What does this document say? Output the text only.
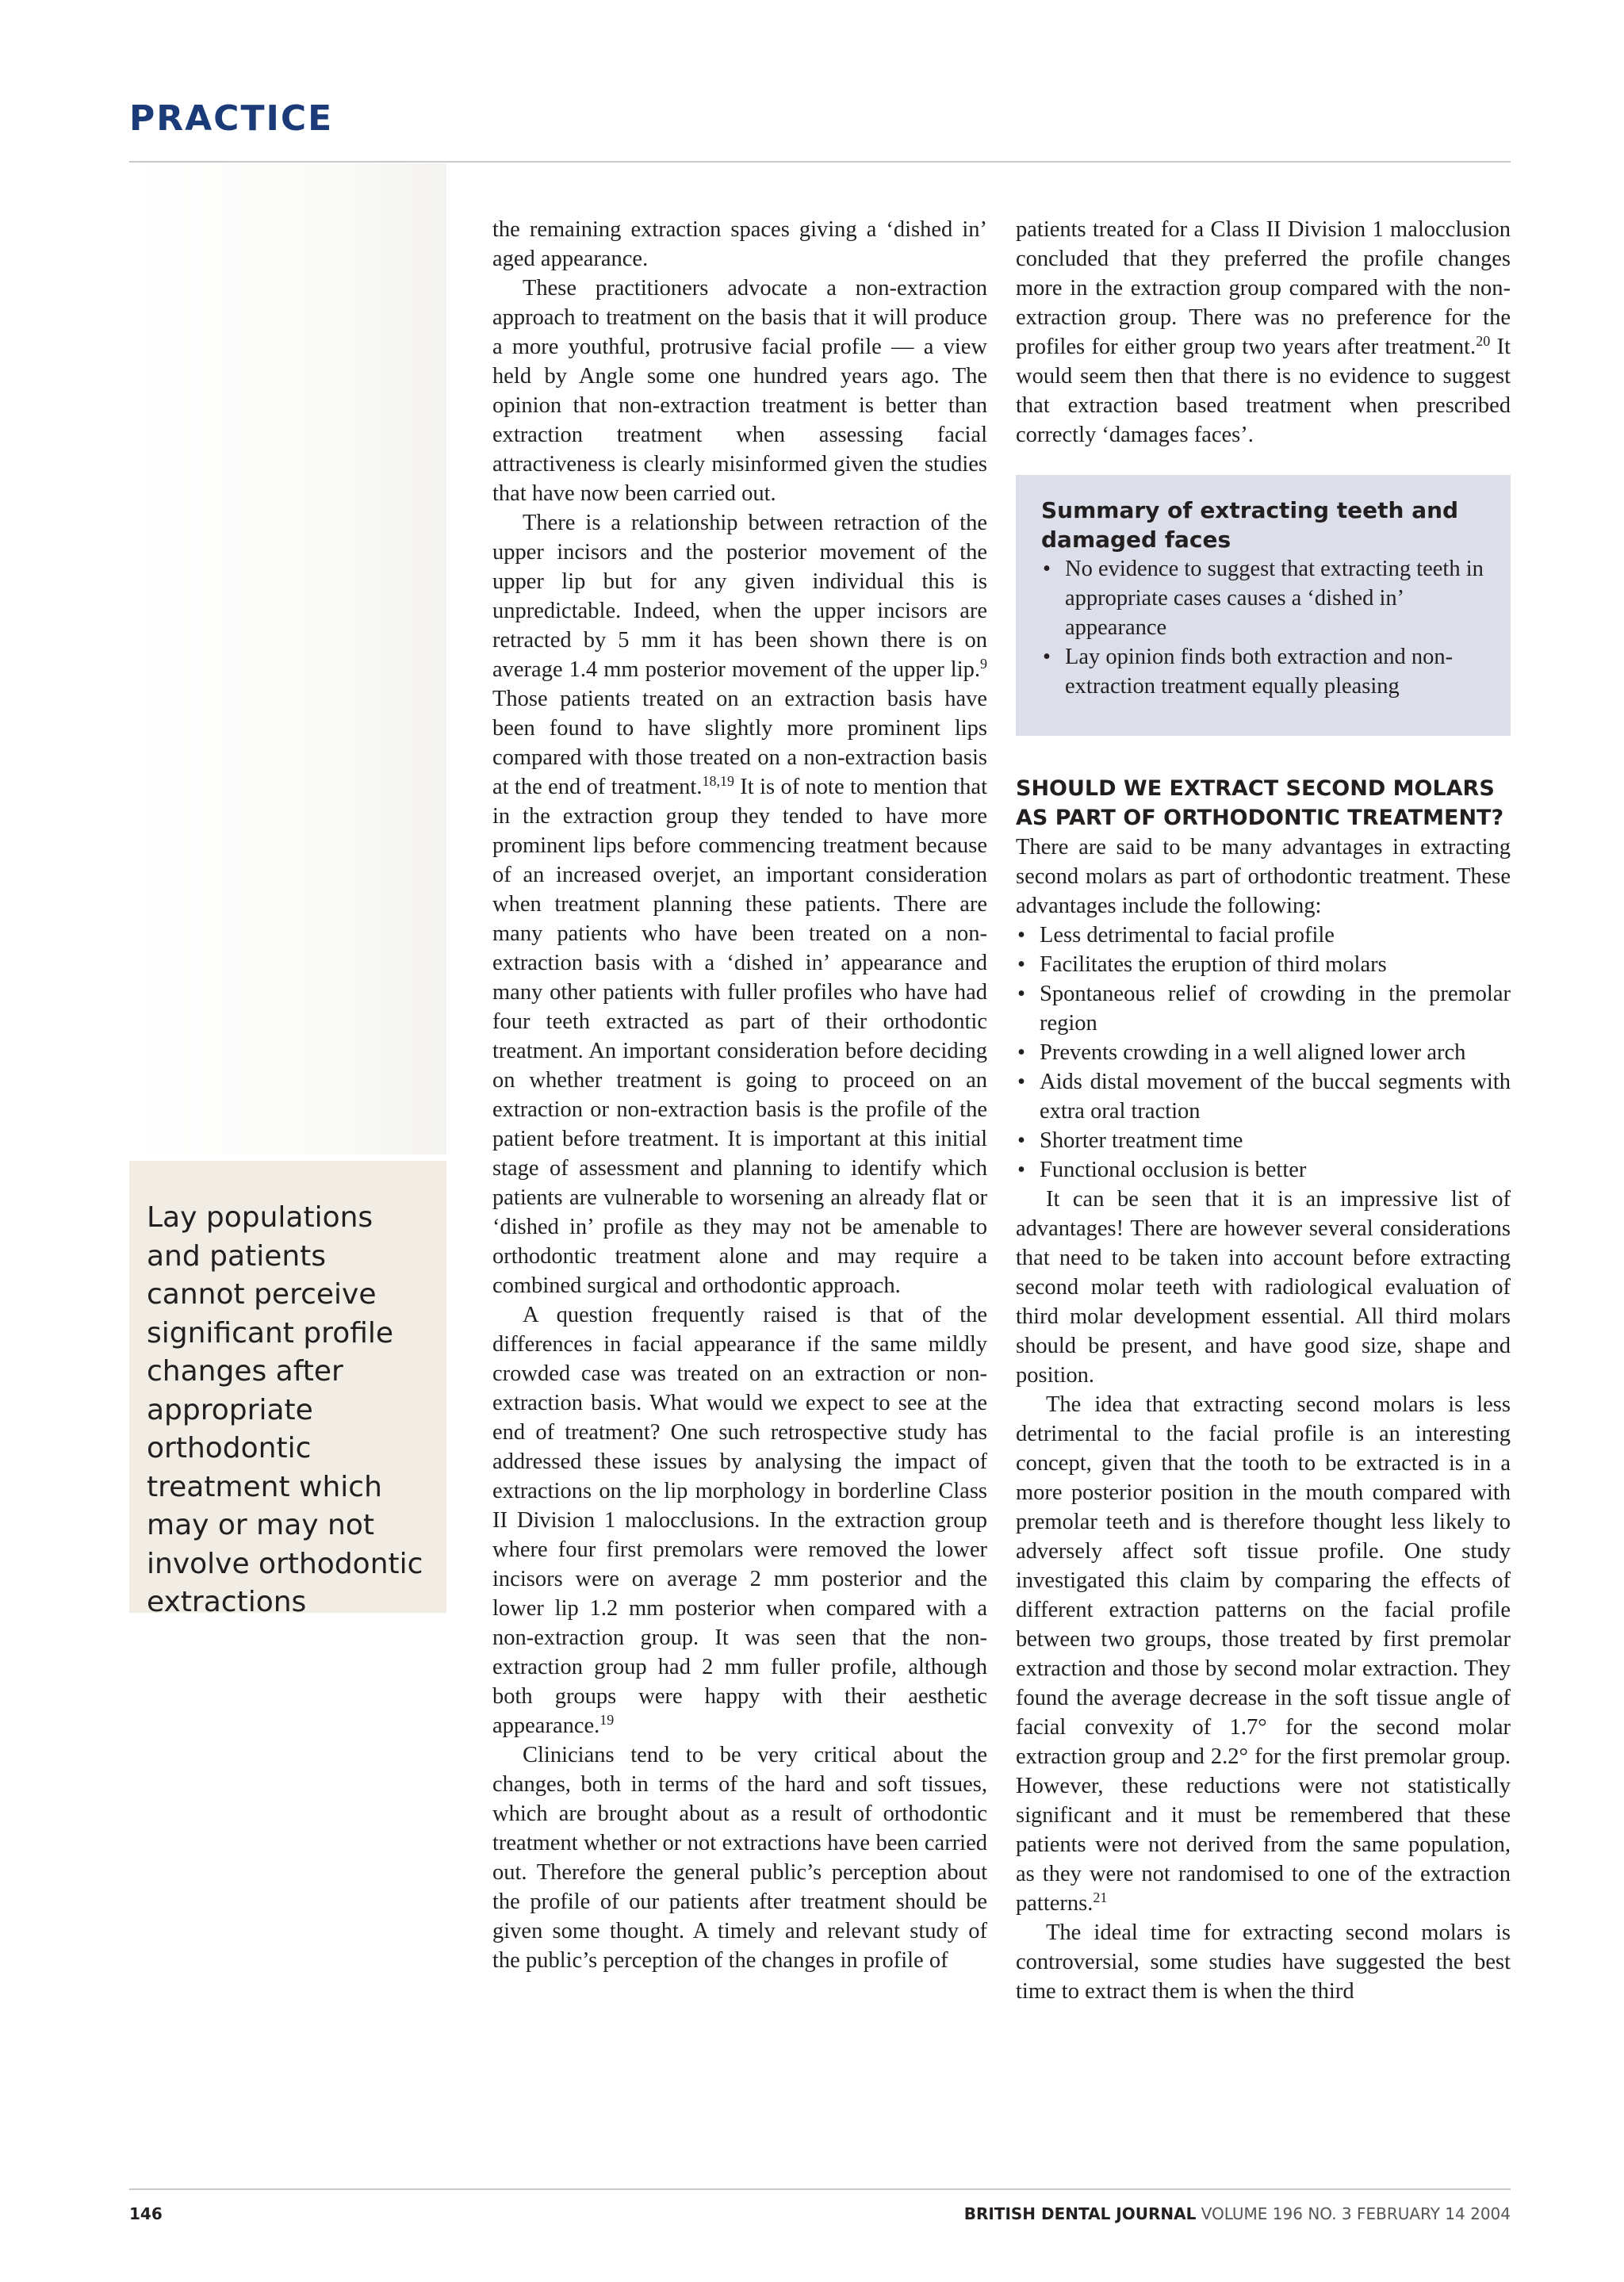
PRACTICE
Lay populations and patients cannot perceive significant profile changes after appropriate orthodontic treatment which may or may not involve orthodontic extractions

the remaining extraction spaces giving a ‘dished in’ aged appearance.

These practitioners advocate a non-extraction approach to treatment on the basis that it will produce a more youthful, protrusive facial profile — a view held by Angle some one hundred years ago. The opinion that non-extraction treatment is better than extraction treatment when assessing facial attractiveness is clearly misinformed given the studies that have now been carried out.

There is a relationship between retraction of the upper incisors and the posterior movement of the upper lip but for any given individual this is unpredictable. Indeed, when the upper incisors are retracted by 5 mm it has been shown there is on average 1.4 mm posterior movement of the upper lip.$^9$ Those patients treated on an extraction basis have been found to have slightly more prominent lips compared with those treated on a non-extraction basis at the end of treatment.$^{18,19}$ It is of note to mention that in the extraction group they tended to have more prominent lips before commencing treatment because of an increased overjet, an important consideration when treatment planning these patients. There are many patients who have been treated on a non-extraction basis with a ‘dished in’ appearance and many other patients with fuller profiles who have had four teeth extracted as part of their orthodontic treatment. An important consideration before deciding on whether treatment is going to proceed on an extraction or non-extraction basis is the profile of the patient before treatment. It is important at this initial stage of assessment and planning to identify which patients are vulnerable to worsening an already flat or ‘dished in’ profile as they may not be amenable to orthodontic treatment alone and may require a combined surgical and orthodontic approach.

A question frequently raised is that of the differences in facial appearance if the same mildly crowded case was treated on an extraction or non-extraction basis. What would we expect to see at the end of treatment? One such retrospective study has addressed these issues by analysing the impact of extractions on the lip morphology in borderline Class II Division 1 malocclusions. In the extraction group where four first premolars were removed the lower incisors were on average 2 mm posterior and the lower lip 1.2 mm posterior when compared with a non-extraction group. It was seen that the non-extraction group had 2 mm fuller profile, although both groups were happy with their aesthetic appearance.$^{19}$

Clinicians tend to be very critical about the changes, both in terms of the hard and soft tissues, which are brought about as a result of orthodontic treatment whether or not extractions have been carried out. Therefore the general public’s perception about the profile of our patients after treatment should be given some thought. A timely and relevant study of the public’s perception of the changes in profile of

patients treated for a Class II Division 1 malocclusion concluded that they preferred the profile changes more in the extraction group compared with the non-extraction group. There was no preference for the profiles for either group two years after treatment.$^{20}$ It would seem then that there is no evidence to suggest that extraction based treatment when prescribed correctly ‘damages faces’.

Summary of extracting teeth and damaged faces
• No evidence to suggest that extracting teeth in appropriate cases causes a ‘dished in’ appearance
• Lay opinion finds both extraction and non-extraction treatment equally pleasing
SHOULD WE EXTRACT SECOND MOLARS AS PART OF ORTHODONTIC TREATMENT?

There are said to be many advantages in extracting second molars as part of orthodontic treatment. These advantages include the following:

• Less detrimental to facial profile
• Facilitates the eruption of third molars
• Spontaneous relief of crowding in the premolar region
• Prevents crowding in a well aligned lower arch
• Aids distal movement of the buccal segments with extra oral traction
• Shorter treatment time
• Functional occlusion is better

It can be seen that it is an impressive list of advantages! There are however several considerations that need to be taken into account before extracting second molar teeth with radiological evaluation of third molar development essential. All third molars should be present, and have good size, shape and position.

The idea that extracting second molars is less detrimental to the facial profile is an interesting concept, given that the tooth to be extracted is in a more posterior position in the mouth compared with premolar teeth and is therefore thought less likely to adversely affect soft tissue profile. One study investigated this claim by comparing the effects of different extraction patterns on the facial profile between two groups, those treated by first premolar extraction and those by second molar extraction. They found the average decrease in the soft tissue angle of facial convexity of 1.7° for the second molar extraction group and 2.2° for the first premolar group. However, these reductions were not statistically significant and it must be remembered that these patients were not derived from the same population, as they were not randomised to one of the extraction patterns.$^{21}$

The ideal time for extracting second molars is controversial, some studies have suggested the best time to extract them is when the third

146	BRITISH DENTAL JOURNAL VOLUME 196 NO. 3 FEBRUARY 14 2004
